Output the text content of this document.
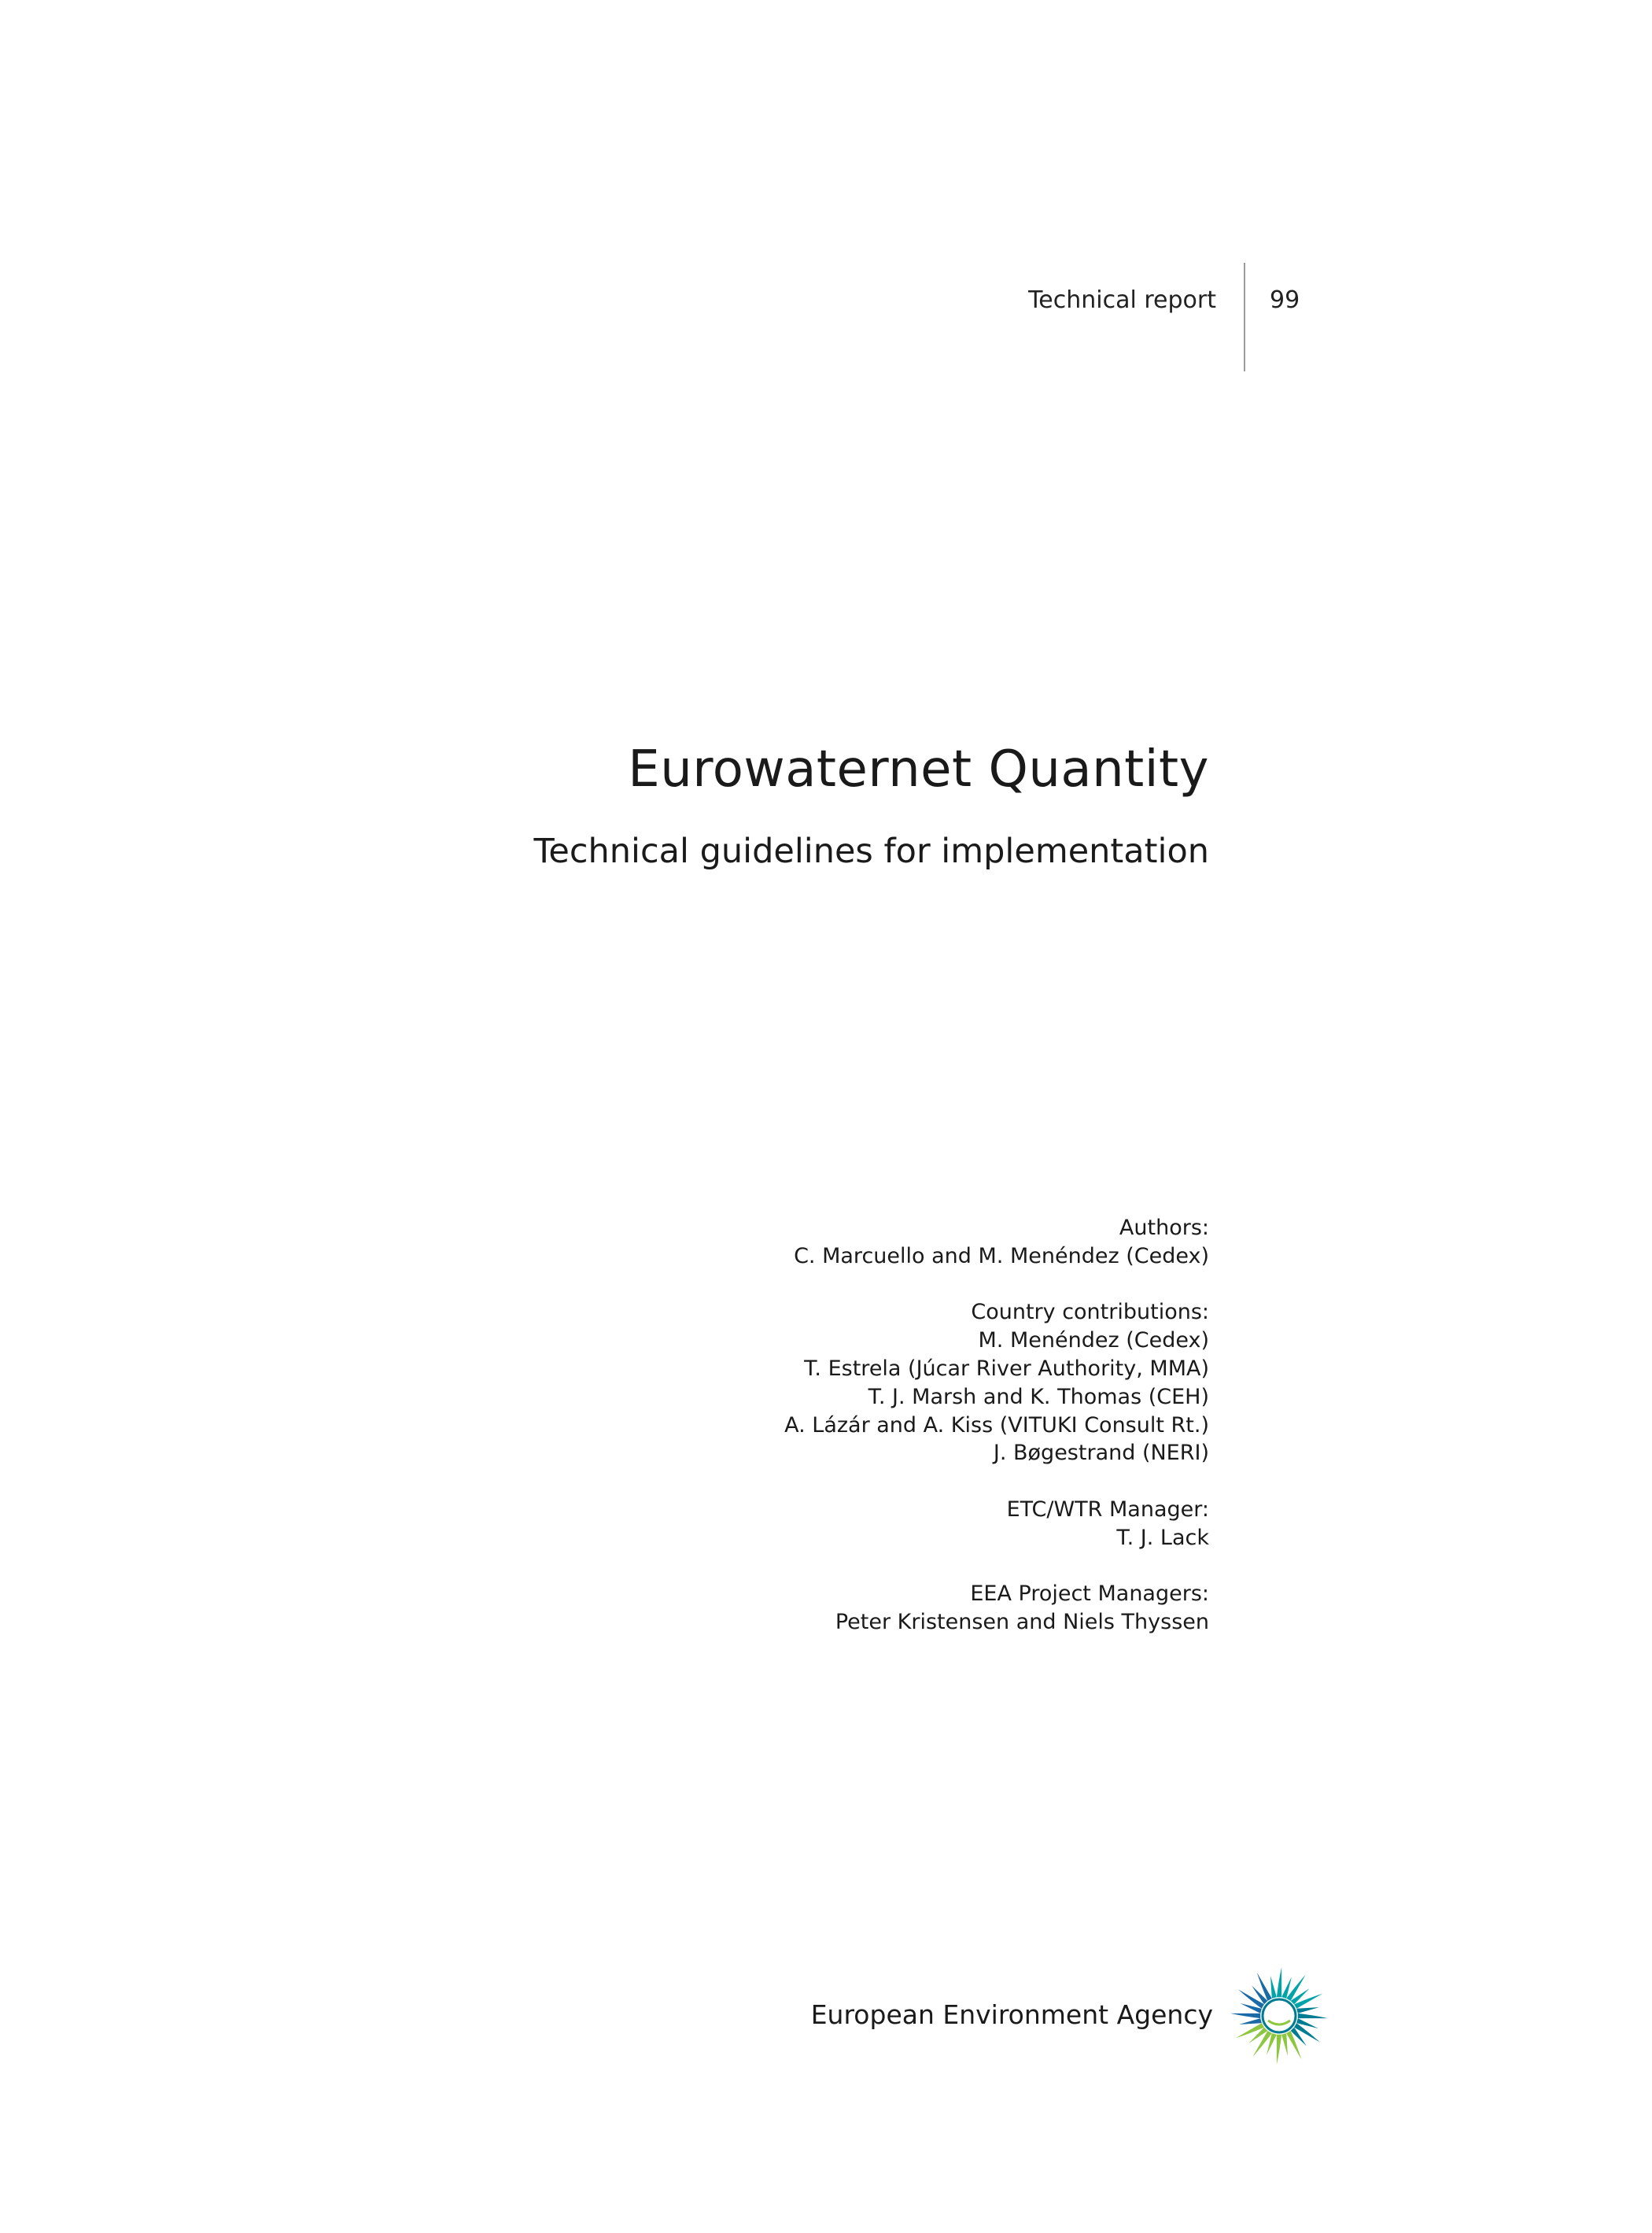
Technical report 99
Eurowaternet Quantity
Technical guidelines for implementation
Authors:
C. Marcuello and M. Menéndez (Cedex)
Country contributions:
M. Menéndez (Cedex)
T. Estrela (Júcar River Authority, MMA)
T. J. Marsh and K. Thomas (CEH)
A. Lázár and A. Kiss (VITUKI Consult Rt.)
J. Bøgestrand (NERI)
ETC/WTR Manager:
T. J. Lack
EEA Project Managers:
Peter Kristensen and Niels Thyssen
European Environment Agency
